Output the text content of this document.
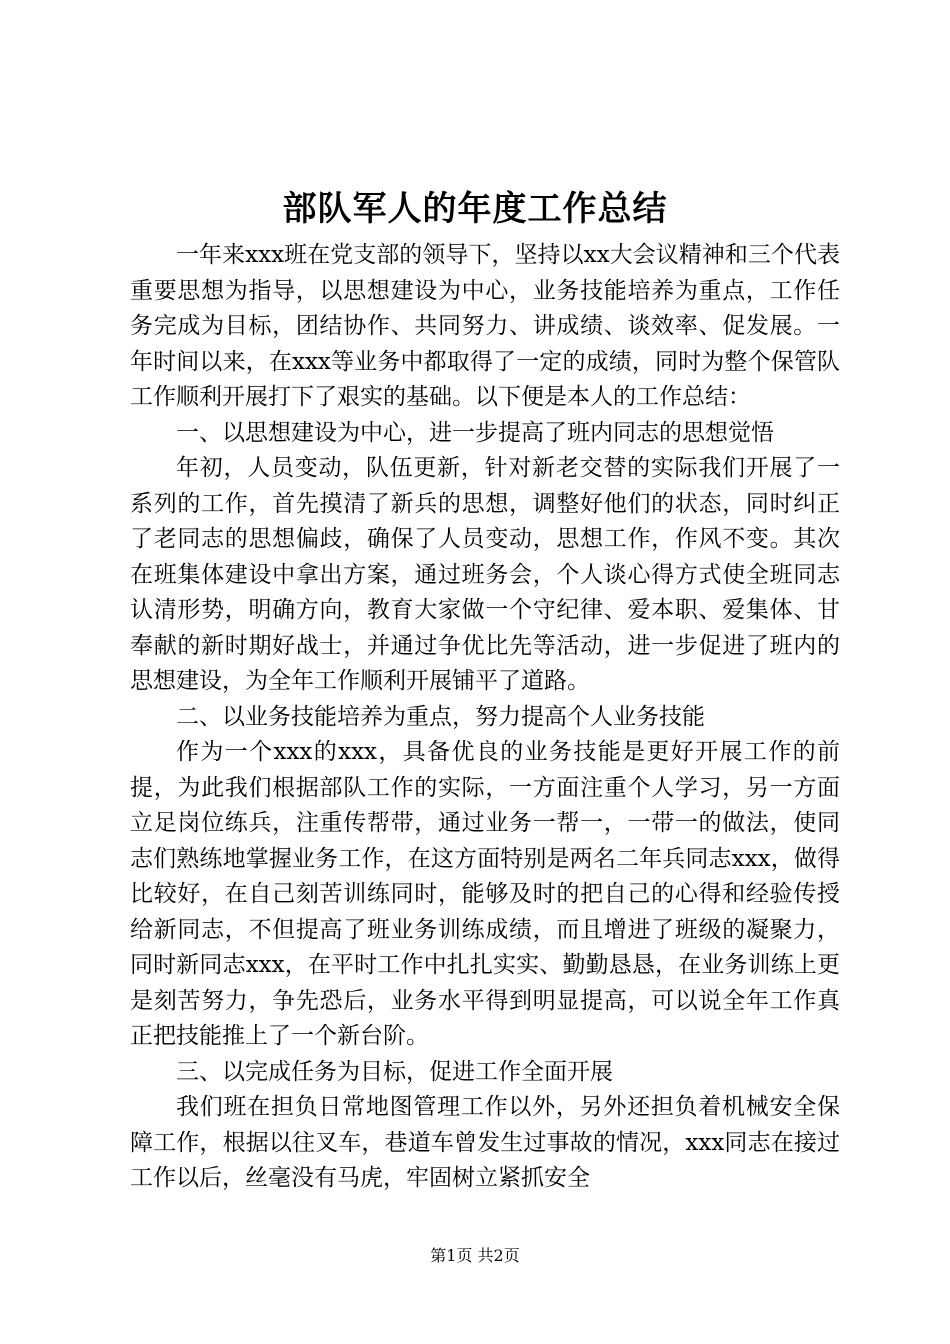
部队军人的年度工作总结

一年来xxx班在党支部的领导下，坚持以xx大会议精神和三个代表重要思想为指导，以思想建设为中心，业务技能培养为重点，工作任务完成为目标，团结协作、共同努力、讲成绩、谈效率、促发展。一年时间以来，在xxx等业务中都取得了一定的成绩，同时为整个保管队工作顺利开展打下了艰实的基础。以下便是本人的工作总结：

一、以思想建设为中心，进一步提高了班内同志的思想觉悟

年初，人员变动，队伍更新，针对新老交替的实际我们开展了一系列的工作，首先摸清了新兵的思想，调整好他们的状态，同时纠正了老同志的思想偏歧，确保了人员变动，思想工作，作风不变。其次在班集体建设中拿出方案，通过班务会，个人谈心得方式使全班同志认清形势，明确方向，教育大家做一个守纪律、爱本职、爱集体、甘奉献的新时期好战士，并通过争优比先等活动，进一步促进了班内的思想建设，为全年工作顺利开展铺平了道路。

二、以业务技能培养为重点，努力提高个人业务技能

作为一个xxx的xxx，具备优良的业务技能是更好开展工作的前提，为此我们根据部队工作的实际，一方面注重个人学习，另一方面立足岗位练兵，注重传帮带，通过业务一帮一，一带一的做法，使同志们熟练地掌握业务工作，在这方面特别是两名二年兵同志xxx，做得比较好，在自己刻苦训练同时，能够及时的把自己的心得和经验传授给新同志，不但提高了班业务训练成绩，而且增进了班级的凝聚力，同时新同志xxx，在平时工作中扎扎实实、勤勤恳恳，在业务训练上更是刻苦努力，争先恐后，业务水平得到明显提高，可以说全年工作真正把技能推上了一个新台阶。

三、以完成任务为目标，促进工作全面开展

我们班在担负日常地图管理工作以外，另外还担负着机械安全保障工作，根据以往叉车，巷道车曾发生过事故的情况，xxx同志在接过工作以后，丝毫没有马虎，牢固树立紧抓安全

第1页 共2页
